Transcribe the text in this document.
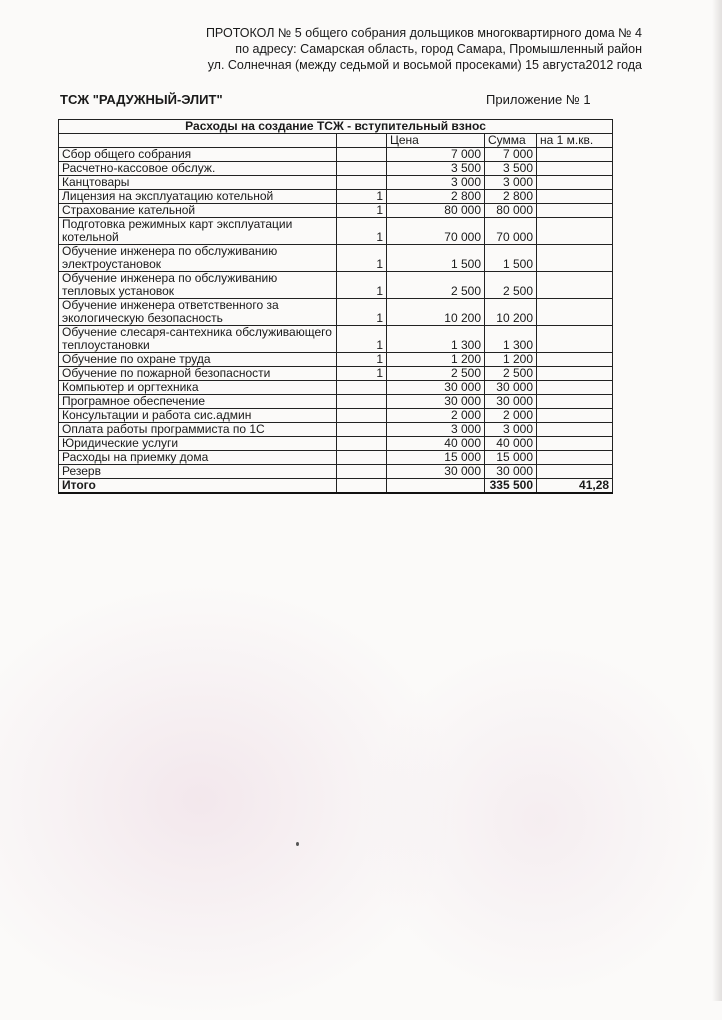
ПРОТОКОЛ № 5 общего собрания дольщиков многоквартирного дома № 4
по адресу: Самарская область, город Самара, Промышленный район
ул. Солнечная (между седьмой и восьмой просеками) 15 августа2012 года
ТСЖ "РАДУЖНЫЙ-ЭЛИТ"	Приложение № 1
Расходы на создание ТСЖ - вступительный взнос				
		Цена	Сумма	на 1 м.кв.
Сбор общего собрания		7 000	7 000	
Расчетно-кассовое обслуж.		3 500	3 500	
Канцтовары		3 000	3 000	
Лицензия на эксплуатацию котельной	1	2 800	2 800	
Страхование кательной	1	80 000	80 000	
Подготовка режимных карт эксплуатации котельной	1	70 000	70 000	
Обучение инженера по обслуживанию электроустановок	1	1 500	1 500	
Обучение инженера по обслуживанию тепловых установок	1	2 500	2 500	
Обучение инженера ответственного за экологическую безопасность	1	10 200	10 200	
Обучение слесаря-сантехника обслуживающего теплоустановки	1	1 300	1 300	
Обучение по охране труда	1	1 200	1 200	
Обучение по пожарной безопасности	1	2 500	2 500	
Компьютер и оргтехника		30 000	30 000	
Програмное обеспечение		30 000	30 000	
Консультации и работа сис.админ		2 000	2 000	
Оплата работы программиста по 1С		3 000	3 000	
Юридические услуги		40 000	40 000	
Расходы на приемку дома		15 000	15 000	
Резерв		30 000	30 000	
Итого			335 500	41,28
